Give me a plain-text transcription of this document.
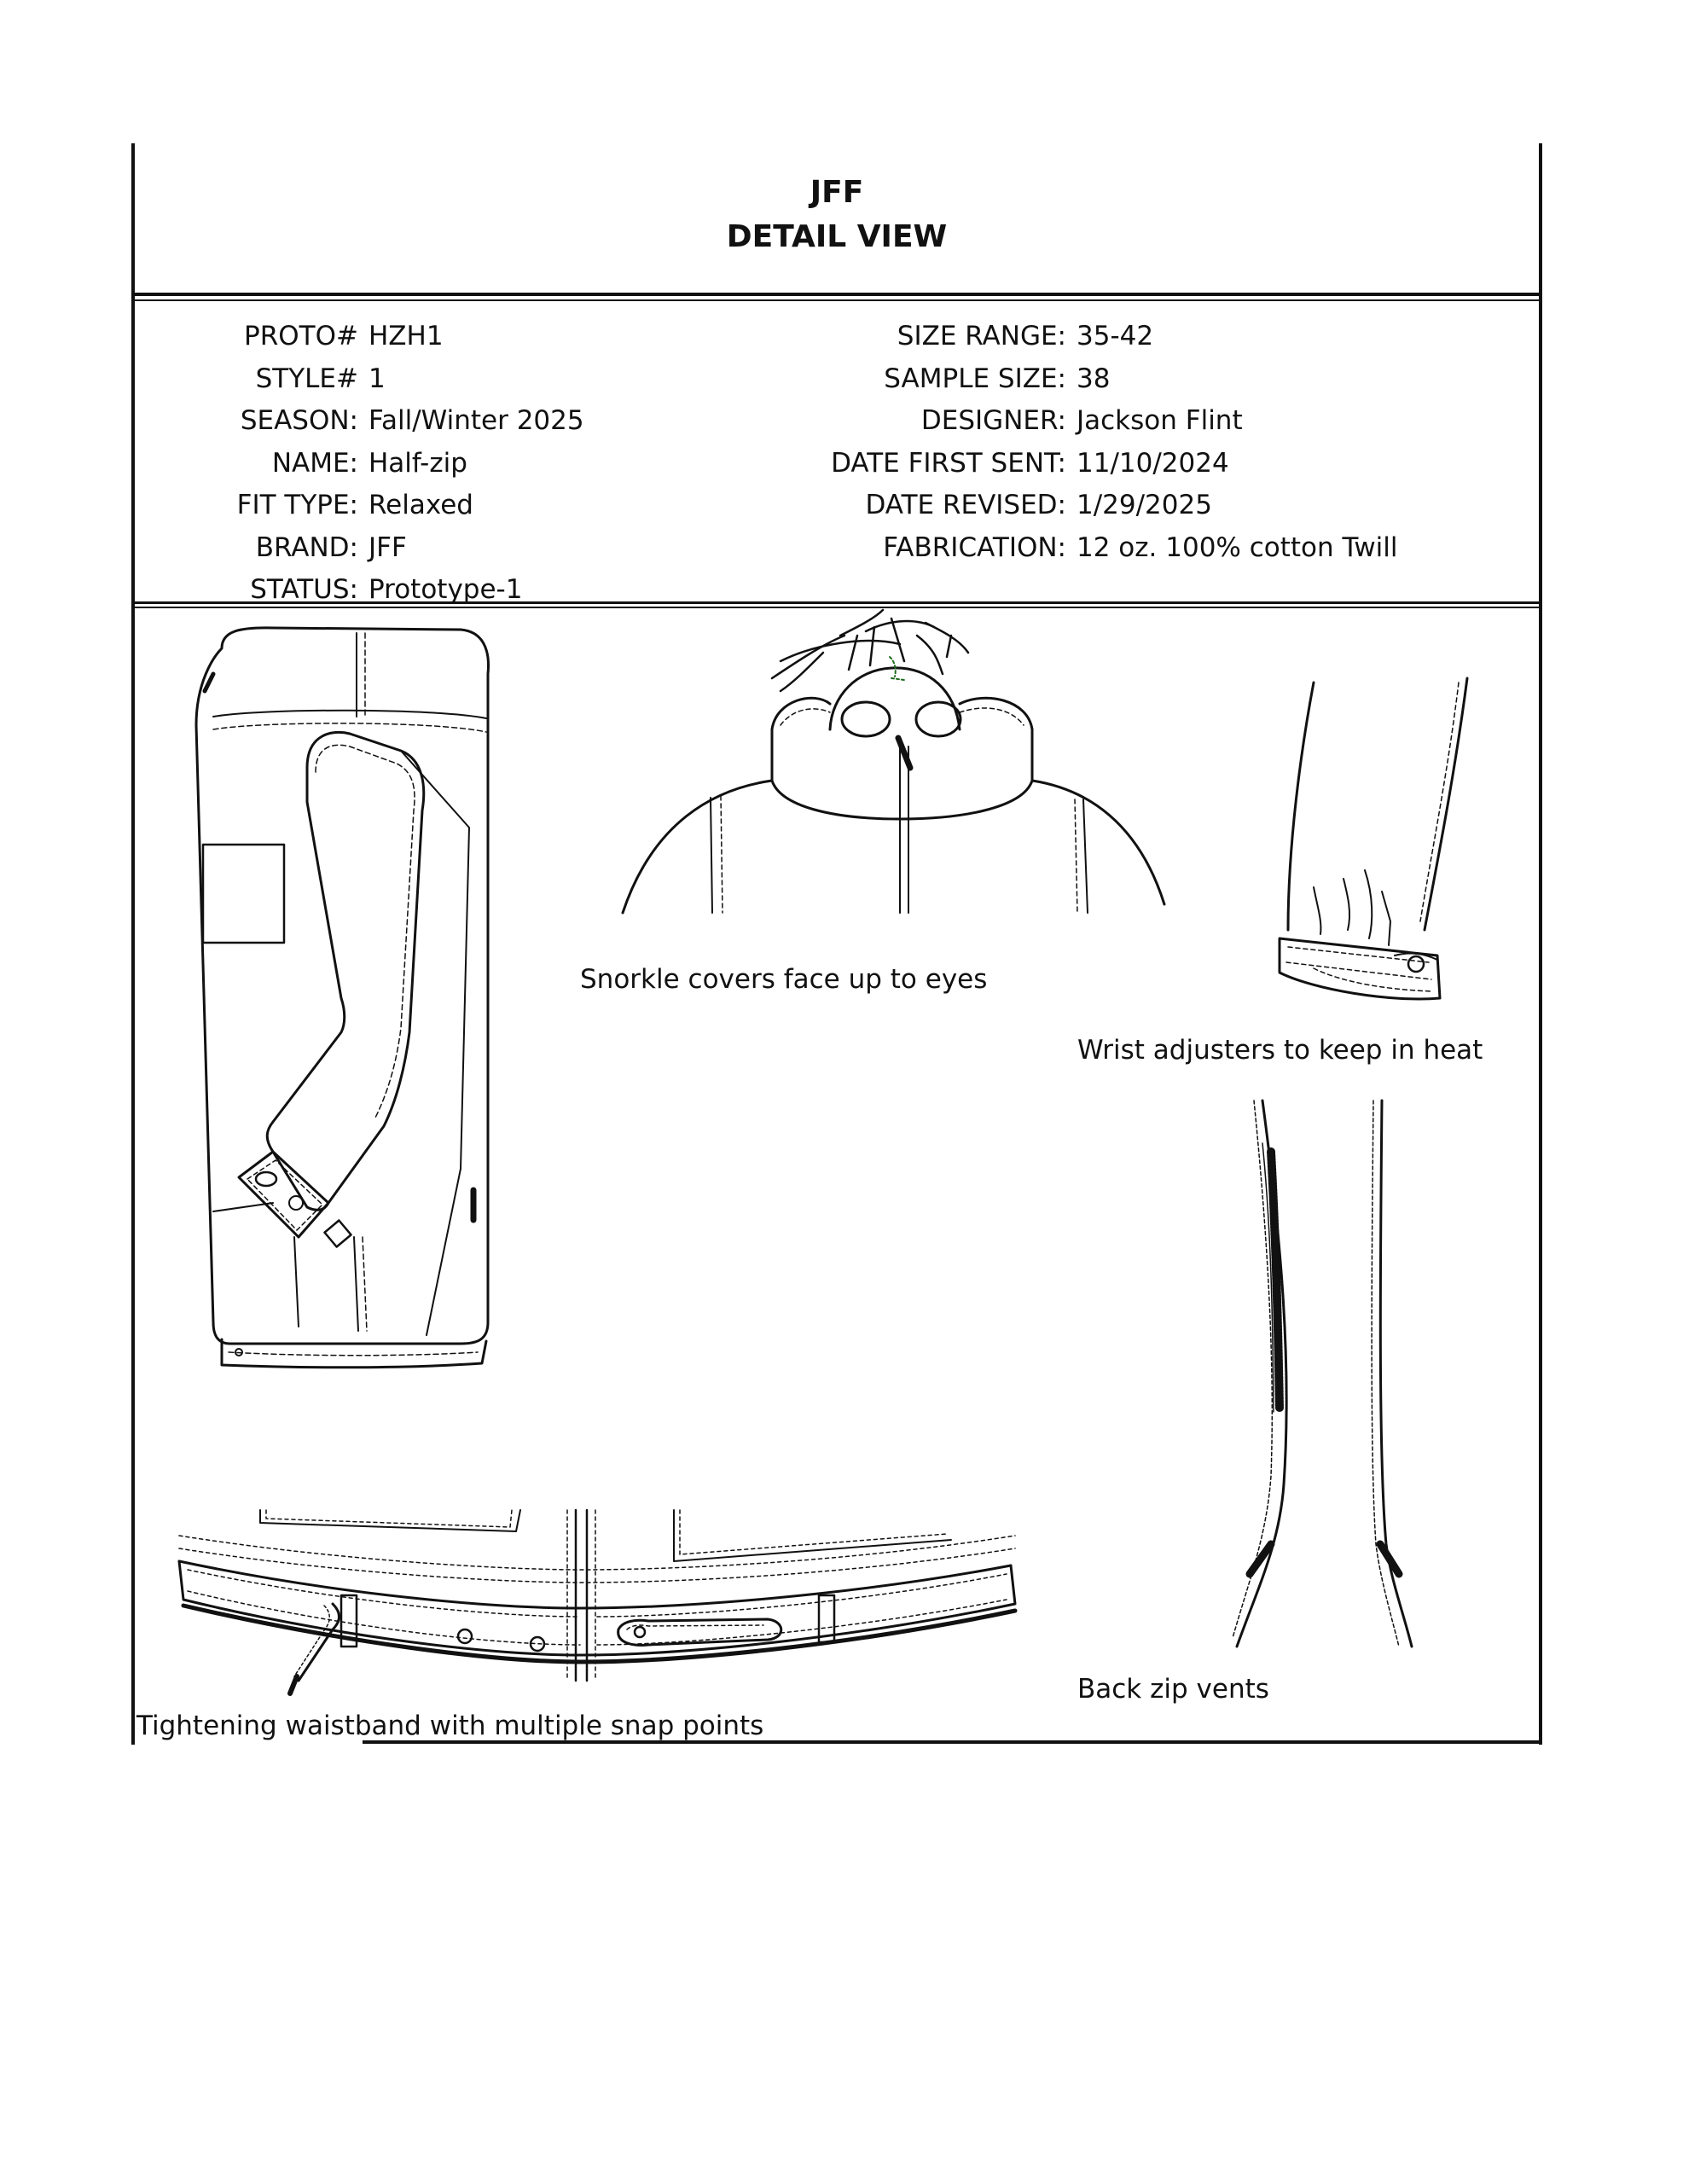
JFF
DETAIL VIEW
PROTO# HZH1
STYLE# 1
SEASON: Fall/Winter 2025
NAME: Half-zip
FIT TYPE: Relaxed
BRAND: JFF
STATUS: Prototype-1
SIZE RANGE: 35-42
SAMPLE SIZE: 38
DESIGNER: Jackson Flint
DATE FIRST SENT: 11/10/2024
DATE REVISED: 1/29/2025
FABRICATION: 12 oz. 100% cotton Twill
Snorkle covers face up to eyes
Wrist adjusters to keep in heat
Back zip vents
Tightening waistband with multiple snap points
